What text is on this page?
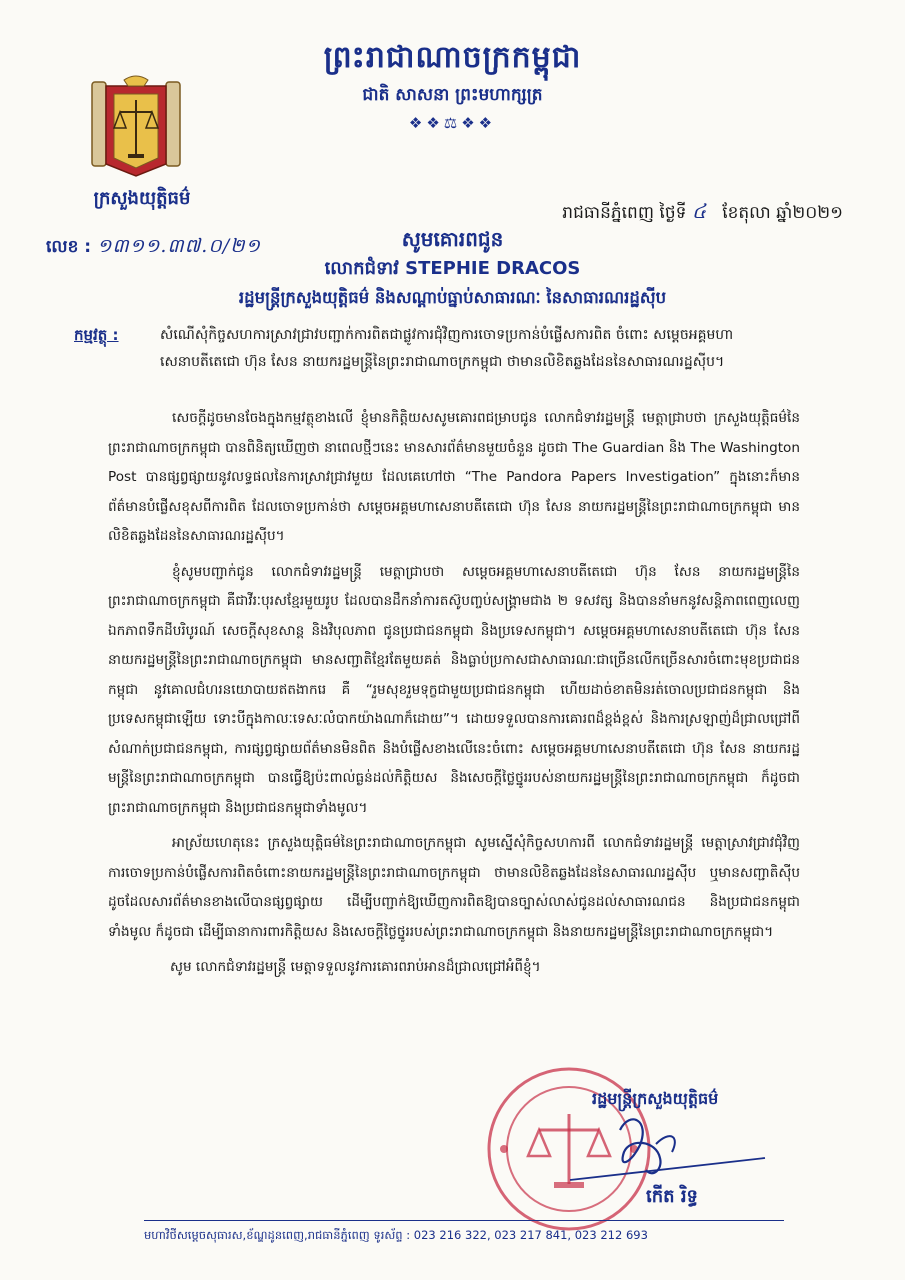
ព្រះរាជាណាចក្រកម្ពុជា
ជាតិ សាសនា ព្រះមហាក្សត្រ
❖❖⚖❖❖
ក្រសួងយុត្តិធម៌
រាជធានីភ្នំពេញ ថ្ងៃទី ៤ ខែតុលា ឆ្នាំ២០២១
លេខ : ១៣១១.៣៧.០/២១	សូមគោរពជូន
លោកជំទាវ STEPHIE DRACOS
រដ្ឋមន្ត្រីក្រសួងយុត្តិធម៌ និងសណ្តាប់ធ្នាប់សាធារណៈ នៃសាធារណរដ្ឋស៊ីប
កម្មវត្ថុ :	សំណើសុំកិច្ចសហការស្រាវជ្រាវបញ្ជាក់ការពិតជាផ្លូវការជុំវិញការចោទប្រកាន់បំផ្លើសការពិត ចំពោះ សម្តេចអគ្គមហាសេនាបតីតេជោ ហ៊ុន សែន នាយករដ្ឋមន្ត្រីនៃព្រះរាជាណាចក្រកម្ពុជា ថាមានលិខិតឆ្លងដែននៃសាធារណរដ្ឋស៊ីប។

សេចក្តីដូចមានចែងក្នុងកម្មវត្ថុខាងលើ ខ្ញុំមានកិត្តិយសសូមគោរពជម្រាបជូន លោកជំទាវរដ្ឋមន្ត្រី មេត្តាជ្រាបថា ក្រសួងយុត្តិធម៌នៃព្រះរាជាណាចក្រកម្ពុជា បានពិនិត្យឃើញថា នាពេលថ្មីៗនេះ មានសារព័ត៌មានមួយចំនួន ដូចជា The Guardian និង The Washington Post បានផ្សព្វផ្សាយនូវលទ្ធផលនៃការស្រាវជ្រាវមួយ ដែលគេហៅថា “The Pandora Papers Investigation” ក្នុងនោះក៏មានព័ត៌មានបំផ្លើសខុសពីការពិត ដែលចោទប្រកាន់ថា សម្តេចអគ្គមហាសេនាបតីតេជោ ហ៊ុន សែន នាយករដ្ឋមន្ត្រីនៃព្រះរាជាណាចក្រកម្ពុជា មានលិខិតឆ្លងដែននៃសាធារណរដ្ឋស៊ីប។

ខ្ញុំសូមបញ្ជាក់ជូន លោកជំទាវរដ្ឋមន្ត្រី មេត្តាជ្រាបថា សម្តេចអគ្គមហាសេនាបតីតេជោ ហ៊ុន សែន នាយករដ្ឋមន្ត្រីនៃព្រះរាជាណាចក្រកម្ពុជា គឺជាវីរៈបុរសខ្មែរមួយរូប ដែលបានដឹកនាំការតស៊ូបញ្ចប់សង្គ្រាមជាង ២ ទសវត្ស និងបាននាំមកនូវសន្តិភាពពេញលេញ ឯកភាពទឹកដីបរិបូរណ៍ សេចក្តីសុខសាន្ត និងវិបុលភាព ជូនប្រជាជនកម្ពុជា និងប្រទេសកម្ពុជា។ សម្តេចអគ្គមហាសេនាបតីតេជោ ហ៊ុន សែន នាយករដ្ឋមន្ត្រីនៃព្រះរាជាណាចក្រកម្ពុជា មានសញ្ជាតិខ្មែរតែមួយគត់ និងធ្លាប់ប្រកាសជាសាធារណៈជាច្រើនលើកច្រើនសារចំពោះមុខប្រជាជនកម្ពុជា នូវគោលជំហរនយោបាយឥតងាករេ គឺ “រួមសុខរួមទុក្ខជាមួយប្រជាជនកម្ពុជា ហើយដាច់ខាតមិនរត់ចោលប្រជាជនកម្ពុជា និងប្រទេសកម្ពុជាឡើយ ទោះបីក្នុងកាលៈទេសៈលំបាកយ៉ាងណាក៏ដោយ”។ ដោយទទួលបានការគោរពដ៏ខ្ពង់ខ្ពស់ និងការស្រឡាញ់ដ៏ជ្រាលជ្រៅពីសំណាក់ប្រជាជនកម្ពុជា, ការផ្សព្វផ្សាយព័ត៌មានមិនពិត និងបំផ្លើសខាងលើនេះចំពោះ សម្តេចអគ្គមហាសេនាបតីតេជោ ហ៊ុន សែន នាយករដ្ឋមន្ត្រីនៃព្រះរាជាណាចក្រកម្ពុជា បានធ្វើឱ្យប៉ះពាល់ធ្ងន់ដល់កិត្តិយស និងសេចក្តីថ្លៃថ្នូររបស់នាយករដ្ឋមន្ត្រីនៃព្រះរាជាណាចក្រកម្ពុជា ក៏ដូចជាព្រះរាជាណាចក្រកម្ពុជា និងប្រជាជនកម្ពុជាទាំងមូល។

អាស្រ័យហេតុនេះ ក្រសួងយុត្តិធម៌នៃព្រះរាជាណាចក្រកម្ពុជា សូមស្នើសុំកិច្ចសហការពី លោកជំទាវរដ្ឋមន្ត្រី មេត្តាស្រាវជ្រាវជុំវិញការចោទប្រកាន់បំផ្លើសការពិតចំពោះនាយករដ្ឋមន្ត្រីនៃព្រះរាជាណាចក្រកម្ពុជា ថាមានលិខិតឆ្លងដែននៃសាធារណរដ្ឋស៊ីប ឬមានសញ្ជាតិស៊ីប ដូចដែលសារព័ត៌មានខាងលើបានផ្សព្វផ្សាយ ដើម្បីបញ្ជាក់ឱ្យឃើញការពិតឱ្យបានច្បាស់លាស់ជូនដល់សាធារណជន និងប្រជាជនកម្ពុជាទាំងមូល ក៏ដូចជា ដើម្បីធានាការពារកិត្តិយស និងសេចក្តីថ្លៃថ្នូររបស់ព្រះរាជាណាចក្រកម្ពុជា និងនាយករដ្ឋមន្ត្រីនៃព្រះរាជាណាចក្រកម្ពុជា។

សូម លោកជំទាវរដ្ឋមន្ត្រី មេត្តាទទួលនូវការគោរពរាប់អានដ៏ជ្រាលជ្រៅអំពីខ្ញុំ។

រដ្ឋមន្ត្រីក្រសួងយុត្តិធម៌
កើត រិទ្ធ
មហាវិថីសម្តេចសុធារស,ខ័ណ្ឌដូនពេញ,រាជធានីភ្នំពេញ ទូរស័ព្ទ : 023 216 322, 023 217 841, 023 212 693
